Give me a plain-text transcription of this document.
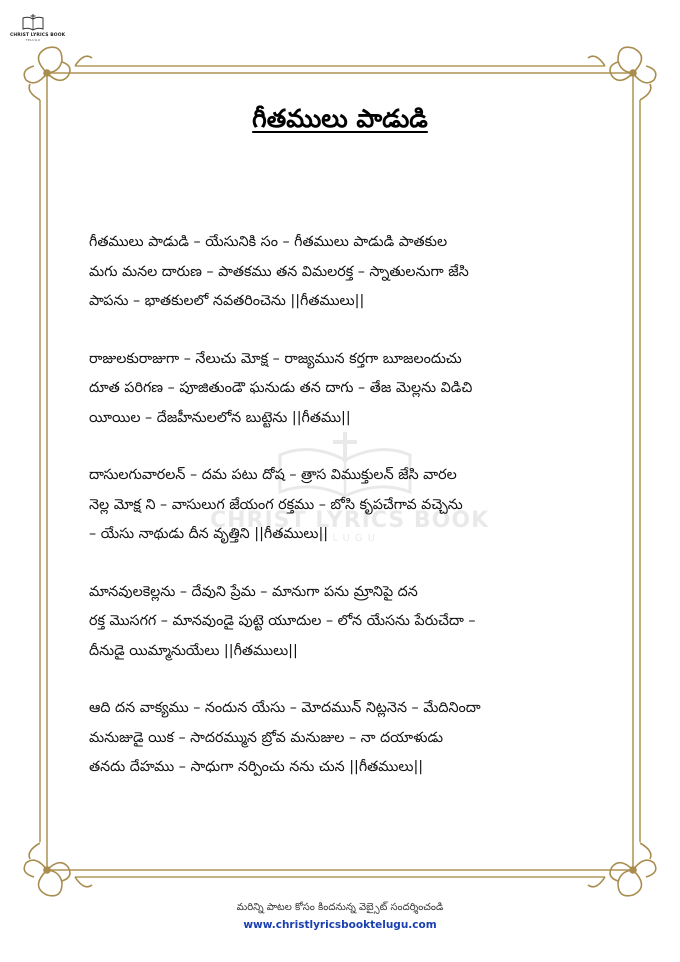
CHRIST LYRICS BOOK
TELUGU
CHRIST LYRICS BOOK
TELUGU
గీతములు పాడుడి
గీతములు పాడుడి – యేసునికి సం – గీతములు పాడుడి పాతకుల
మగు మనల దారుణ – పాతకము తన విమలరక్త – స్నాతులనుగా జేసి
పాపను – భాతకులలో నవతరించెను ||గీతములు||
రాజులకురాజుగా – నేలుచు మోక్ష – రాజ్యమున కర్తగా బూజలందుచు
దూత పరిగణ – పూజితుండౌ ఘనుడు తన దాగు – తేజ మెల్లను విడిచి
యీయిల – దేజహీనులలోన బుట్టెను ||గీతము||
దాసులగువారలన్ – దమ పటు దోష – త్రాస విముక్తులన్ జేసి వారల
నెల్ల మోక్ష ని – వాసులుగ జేయంగ రక్తము – బోసి కృపచేగావ వచ్చెను
– యేసు నాథుడు దీన వృత్తిని ||గీతములు||
మానవులకెల్లను – దేవుని ప్రేమ – మానుగా పను మ్రానిపై దన
రక్త మొసగగ – మానవుండై పుట్టె యూదుల – లోన యేసను పేరుచేదా –
దీనుడై యిమ్మానుయేలు ||గీతములు||
ఆది దన వాక్యము – నందున యేసు – మోదమున్ నిట్లనెన – మేదినిందా
మనుజుడై యిక – సాదరమ్మున బ్రోవ మనుజుల – నా దయాళుడు
తనదు దేహము – సాధుగా నర్పించు నను చున ||గీతములు||
మరిన్ని పాటల కోసం కిందనున్న వెబ్సైట్ సందర్శించండి
www.christlyricsbooktelugu.com
